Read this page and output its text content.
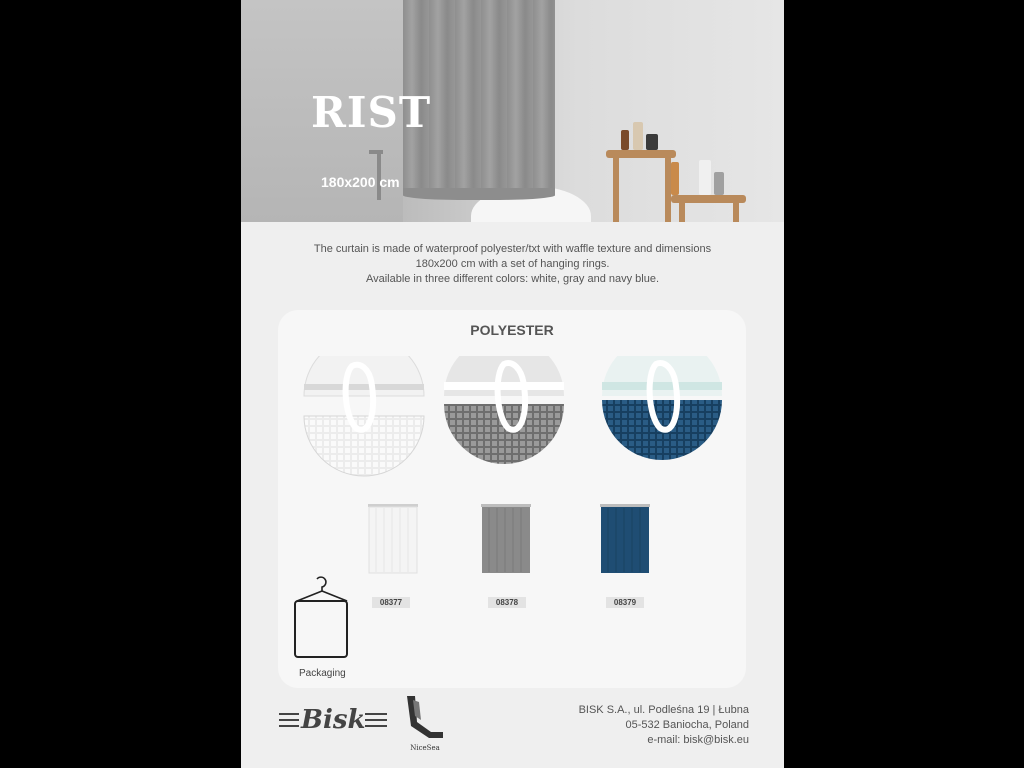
RIST
180x200 cm
The curtain is made of waterproof polyester/txt with waffle texture and dimensions
180x200 cm with a set of hanging rings.
Available in three different colors: white, gray and navy blue.
POLYESTER
08377	08378	08379
Packaging
Bisk
NiceSea
BISK S.A., ul. Podleśna 19 | Łubna
05-532 Baniocha, Poland
e-mail: bisk@bisk.eu
